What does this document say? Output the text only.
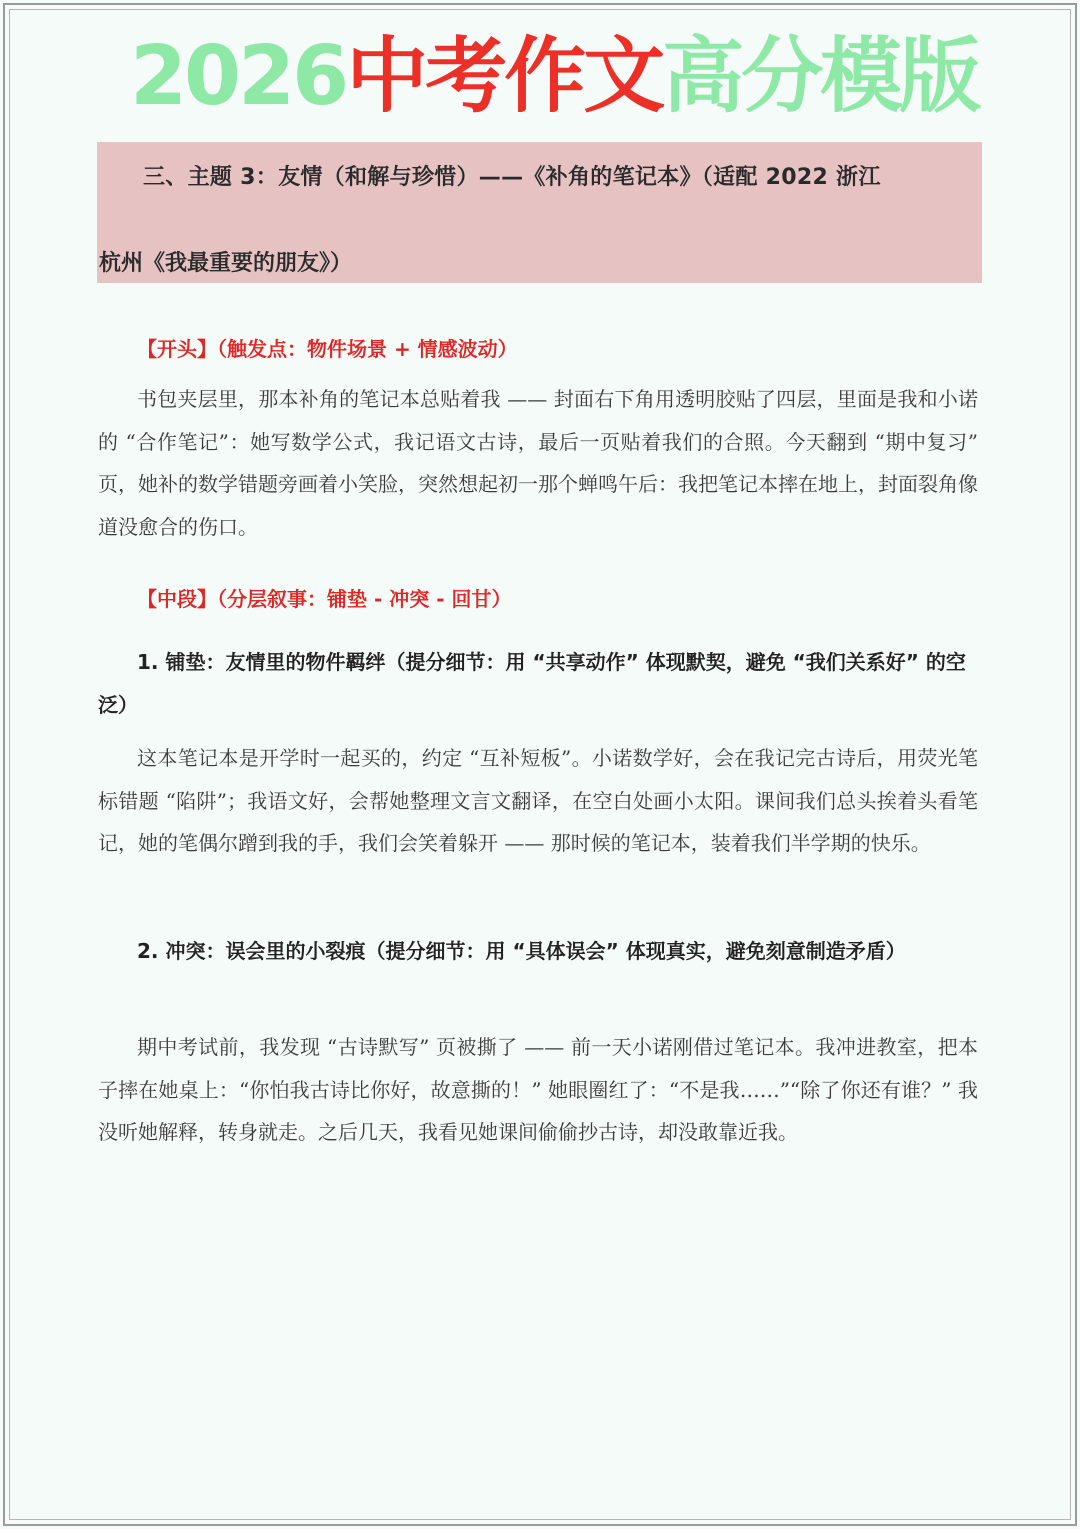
2026中考作文高分模版
三、主题 3：友情（和解与珍惜）——《补角的笔记本》（适配 2022 浙江
杭州《我最重要的朋友》）
【开头】（触发点：物件场景 + 情感波动）
书包夹层里，那本补角的笔记本总贴着我 —— 封面右下角用透明胶贴了四层，里面是我和小诺的 “合作笔记”：她写数学公式，我记语文古诗，最后一页贴着我们的合照。今天翻到 “期中复习” 页，她补的数学错题旁画着小笑脸，突然想起初一那个蝉鸣午后：我把笔记本摔在地上，封面裂角像道没愈合的伤口。
【中段】（分层叙事：铺垫 - 冲突 - 回甘）
1. 铺垫：友情里的物件羁绊（提分细节：用 “共享动作” 体现默契，避免 “我们关系好” 的空泛）
这本笔记本是开学时一起买的，约定 “互补短板”。小诺数学好，会在我记完古诗后，用荧光笔标错题 “陷阱”；我语文好，会帮她整理文言文翻译，在空白处画小太阳。课间我们总头挨着头看笔记，她的笔偶尔蹭到我的手，我们会笑着躲开 —— 那时候的笔记本，装着我们半学期的快乐。
2. 冲突：误会里的小裂痕（提分细节：用 “具体误会” 体现真实，避免刻意制造矛盾）
期中考试前，我发现 “古诗默写” 页被撕了 —— 前一天小诺刚借过笔记本。我冲进教室，把本子摔在她桌上：“你怕我古诗比你好，故意撕的！” 她眼圈红了：“不是我……”“除了你还有谁？” 我没听她解释，转身就走。之后几天，我看见她课间偷偷抄古诗，却没敢靠近我。
